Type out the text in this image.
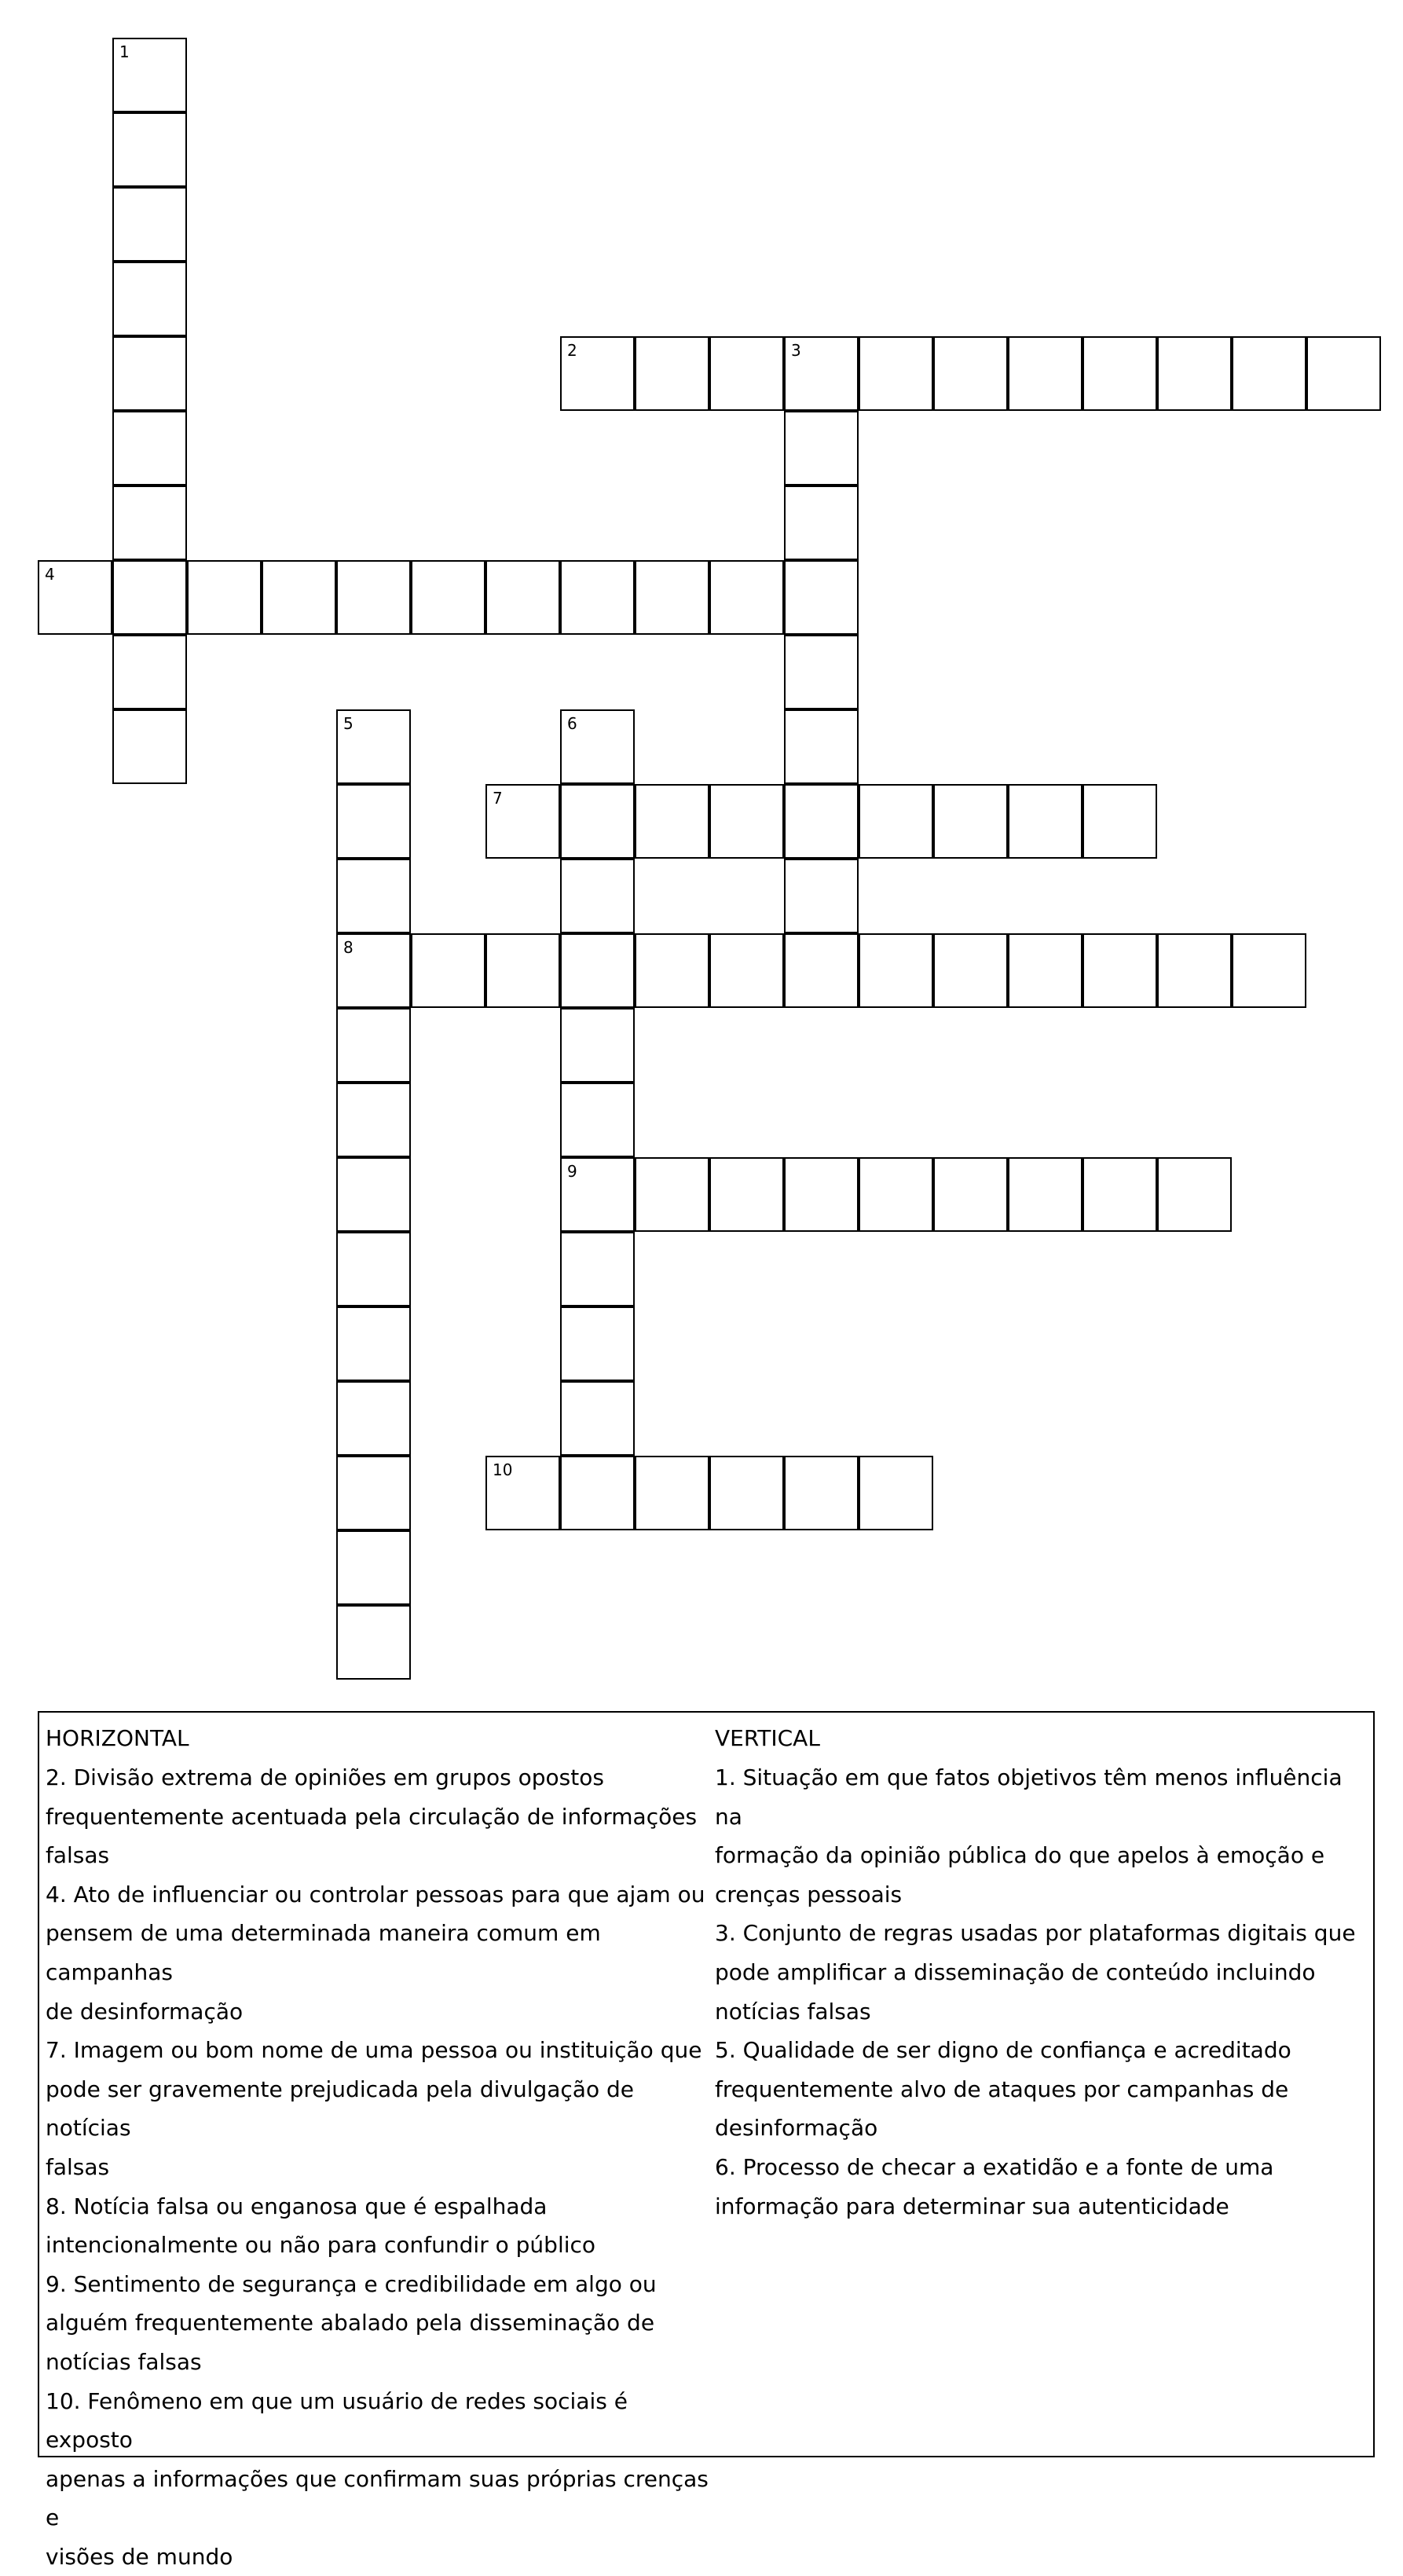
1
2	3
4
5
8
6
9
7
10
HORIZONTAL
2. Divisão extrema de opiniões em grupos opostos
frequentemente acentuada pela circulação de informações
falsas
4. Ato de influenciar ou controlar pessoas para que ajam ou
pensem de uma determinada maneira comum em campanhas
de desinformação
7. Imagem ou bom nome de uma pessoa ou instituição que
pode ser gravemente prejudicada pela divulgação de notícias
falsas
8. Notícia falsa ou enganosa que é espalhada
intencionalmente ou não para confundir o público
9. Sentimento de segurança e credibilidade em algo ou
alguém frequentemente abalado pela disseminação de
notícias falsas
10. Fenômeno em que um usuário de redes sociais é exposto
apenas a informações que confirmam suas próprias crenças e
visões de mundo
VERTICAL
1. Situação em que fatos objetivos têm menos influência na
formação da opinião pública do que apelos à emoção e
crenças pessoais
3. Conjunto de regras usadas por plataformas digitais que
pode amplificar a disseminação de conteúdo incluindo
notícias falsas
5. Qualidade de ser digno de confiança e acreditado
frequentemente alvo de ataques por campanhas de
desinformação
6. Processo de checar a exatidão e a fonte de uma
informação para determinar sua autenticidade
